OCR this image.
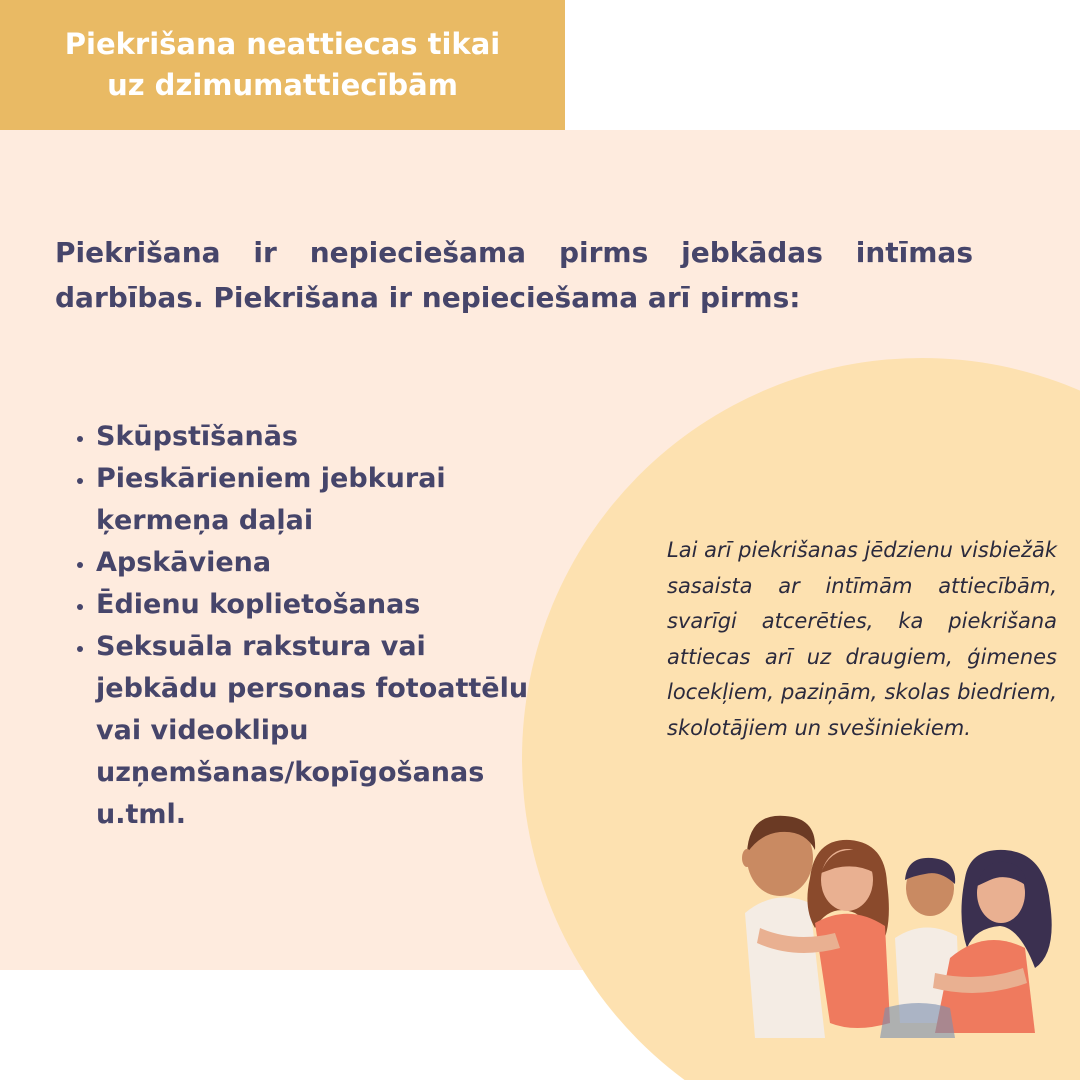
Piekrišana neattiecas tikai
uz dzimumattiecībām

Piekrišana ir nepieciešama pirms jebkādas intīmas darbības. Piekrišana ir nepieciešama arī pirms:

• Skūpstīšanās
• Pieskārieniem jebkurai ķermeņa daļai
• Apskāviena
• Ēdienu koplietošanas
• Seksuāla rakstura vai jebkādu personas fotoattēlu vai videoklipu uzņemšanas/kopīgošanas u.tml.

Lai arī piekrišanas jēdzienu visbiežāk sasaista ar intīmām attiecībām, svarīgi atcerēties, ka piekrišana attiecas arī uz draugiem, ģimenes locekļiem, paziņām, skolas biedriem, skolotājiem un svešiniekiem.
